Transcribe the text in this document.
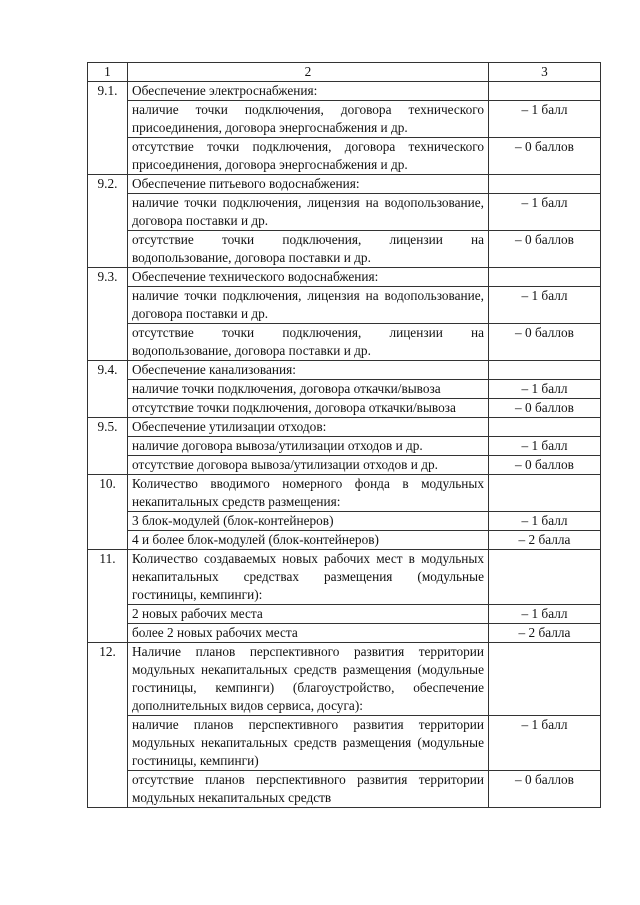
1	2	3
9.1.	Обеспечение электроснабжения:	
	наличие точки подключения, договора технического присоединения, договора энергоснабжения и др.	– 1 балл
	отсутствие точки подключения, договора технического присоединения, договора энергоснабжения и др.	– 0 баллов
9.2.	Обеспечение питьевого водоснабжения:	
	наличие точки подключения, лицензия на водопользование, договора поставки и др.	– 1 балл
	отсутствие точки подключения, лицензии на водопользование, договора поставки и др.	– 0 баллов
9.3.	Обеспечение технического водоснабжения:	
	наличие точки подключения, лицензия на водопользование, договора поставки и др.	– 1 балл
	отсутствие точки подключения, лицензии на водопользование, договора поставки и др.	– 0 баллов
9.4.	Обеспечение канализования:	
	наличие точки подключения, договора откачки/вывоза	– 1 балл
	отсутствие точки подключения, договора откачки/вывоза	– 0 баллов
9.5.	Обеспечение утилизации отходов:	
	наличие договора вывоза/утилизации отходов и др.	– 1 балл
	отсутствие договора вывоза/утилизации отходов и др.	– 0 баллов
10.	Количество вводимого номерного фонда в модульных некапитальных средств размещения:	
	3 блок-модулей (блок-контейнеров)	– 1 балл
	4 и более блок-модулей (блок-контейнеров)	– 2 балла
11.	Количество создаваемых новых рабочих мест в модульных некапитальных средствах размещения (модульные гостиницы, кемпинги):	
	2 новых рабочих места	– 1 балл
	более 2 новых рабочих места	– 2 балла
12.	Наличие планов перспективного развития территории модульных некапитальных средств размещения (модульные гостиницы, кемпинги) (благоустройство, обеспечение дополнительных видов сервиса, досуга):	
	наличие планов перспективного развития территории модульных некапитальных средств размещения (модульные гостиницы, кемпинги)	– 1 балл
	отсутствие планов перспективного развития территории модульных некапитальных средств	– 0 баллов
